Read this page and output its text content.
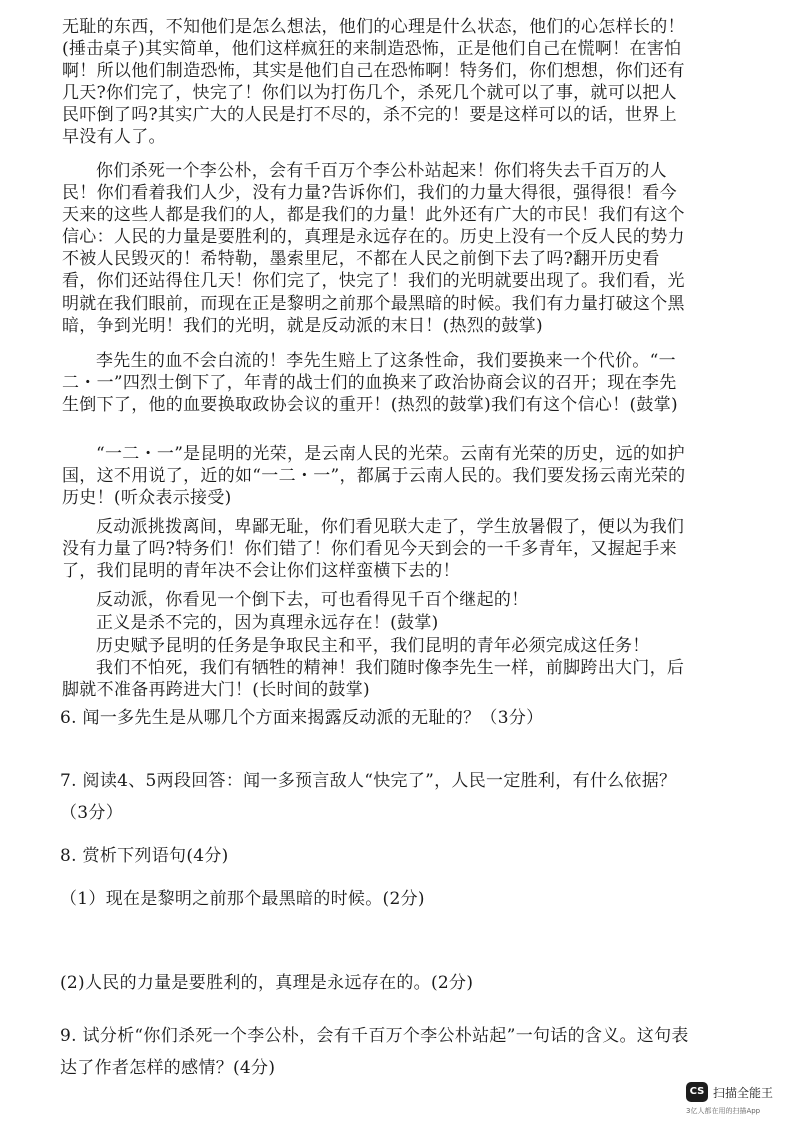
无耻的东西，不知他们是怎么想法，他们的心理是什么状态，他们的心怎样长的！(捶击桌子)其实简单，他们这样疯狂的来制造恐怖，正是他们自己在慌啊！在害怕啊！所以他们制造恐怖，其实是他们自己在恐怖啊！特务们，你们想想，你们还有几天?你们完了，快完了！你们以为打伤几个，杀死几个就可以了事，就可以把人民吓倒了吗?其实广大的人民是打不尽的，杀不完的！要是这样可以的话，世界上早没有人了。

你们杀死一个李公朴，会有千百万个李公朴站起来！你们将失去千百万的人民！你们看着我们人少，没有力量?告诉你们，我们的力量大得很，强得很！看今天来的这些人都是我们的人，都是我们的力量！此外还有广大的市民！我们有这个信心：人民的力量是要胜利的，真理是永远存在的。历史上没有一个反人民的势力不被人民毁灭的！希特勒，墨索里尼，不都在人民之前倒下去了吗?翻开历史看看，你们还站得住几天！你们完了，快完了！我们的光明就要出现了。我们看，光明就在我们眼前，而现在正是黎明之前那个最黑暗的时候。我们有力量打破这个黑暗，争到光明！我们的光明，就是反动派的末日！(热烈的鼓掌)

李先生的血不会白流的！李先生赔上了这条性命，我们要换来一个代价。“一二・一”四烈士倒下了，年青的战士们的血换来了政治协商会议的召开；现在李先生倒下了，他的血要换取政协会议的重开！(热烈的鼓掌)我们有这个信心！(鼓掌)

“一二・一”是昆明的光荣，是云南人民的光荣。云南有光荣的历史，远的如护国，这不用说了，近的如“一二・一”，都属于云南人民的。我们要发扬云南光荣的历史！(听众表示接受)

反动派挑拨离间，卑鄙无耻，你们看见联大走了，学生放暑假了，便以为我们没有力量了吗?特务们！你们错了！你们看见今天到会的一千多青年，又握起手来了，我们昆明的青年决不会让你们这样蛮横下去的！

反动派，你看见一个倒下去，可也看得见千百个继起的！

正义是杀不完的，因为真理永远存在！(鼓掌)

历史赋予昆明的任务是争取民主和平，我们昆明的青年必须完成这任务！

我们不怕死，我们有牺牲的精神！我们随时像李先生一样，前脚跨出大门，后脚就不准备再跨进大门！(长时间的鼓掌)

6. 闻一多先生是从哪几个方面来揭露反动派的无耻的？（3分）
7. 阅读4、5两段回答：闻一多预言敌人“快完了”，人民一定胜利，有什么依据？（3分）
8. 赏析下列语句(4分)
（1）现在是黎明之前那个最黑暗的时候。(2分)
(2)人民的力量是要胜利的，真理是永远存在的。(2分)
9. 试分析“你们杀死一个李公朴，会有千百万个李公朴站起”一句话的含义。这句表达了作者怎样的感情？(4分)
CS 扫描全能王
3亿人都在用的扫描App
